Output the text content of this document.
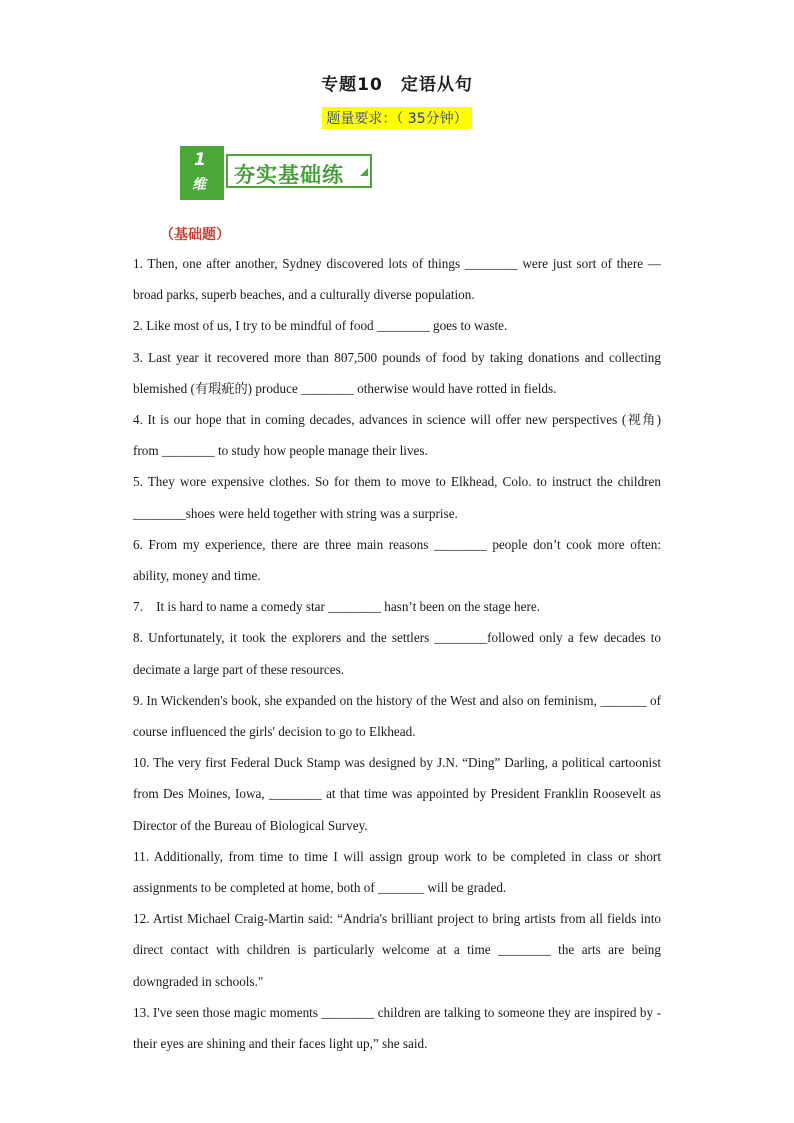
专题10　定语从句
题量要求：（ 35分钟）
1
维 夯实基础练
（基础题）

1. Then, one after another, Sydney discovered lots of things ________ were just sort of there — broad parks, superb beaches, and a culturally diverse population.

2. Like most of us, I try to be mindful of food ________ goes to waste.

3. Last year it recovered more than 807,500 pounds of food by taking donations and collecting blemished (有瑕疵的) produce ________ otherwise would have rotted in fields.

4. It is our hope that in coming decades, advances in science will offer new perspectives (视角) from ________ to study how people manage their lives.

5. They wore expensive clothes. So for them to move to Elkhead, Colo. to instruct the children ________shoes were held together with string was a surprise.

6. From my experience, there are three main reasons ________ people don’t cook more often: ability, money and time.

7.　It is hard to name a comedy star ________ hasn’t been on the stage here.

8. Unfortunately, it took the explorers and the settlers ________followed only a few decades to decimate a large part of these resources.

9. In Wickenden's book, she expanded on the history of the West and also on feminism, _______ of course influenced the girls' decision to go to Elkhead.

10. The very first Federal Duck Stamp was designed by J.N. “Ding” Darling, a political cartoonist from Des Moines, Iowa, ________ at that time was appointed by President Franklin Roosevelt as Director of the Bureau of Biological Survey.

11. Additionally, from time to time I will assign group work to be completed in class or short assignments to be completed at home, both of _______ will be graded.

12. Artist Michael Craig-Martin said: “Andria's brilliant project to bring artists from all fields into direct contact with children is particularly welcome at a time ________ the arts are being downgraded in schools."

13. I've seen those magic moments ________ children are talking to someone they are inspired by - their eyes are shining and their faces light up,” she said.
